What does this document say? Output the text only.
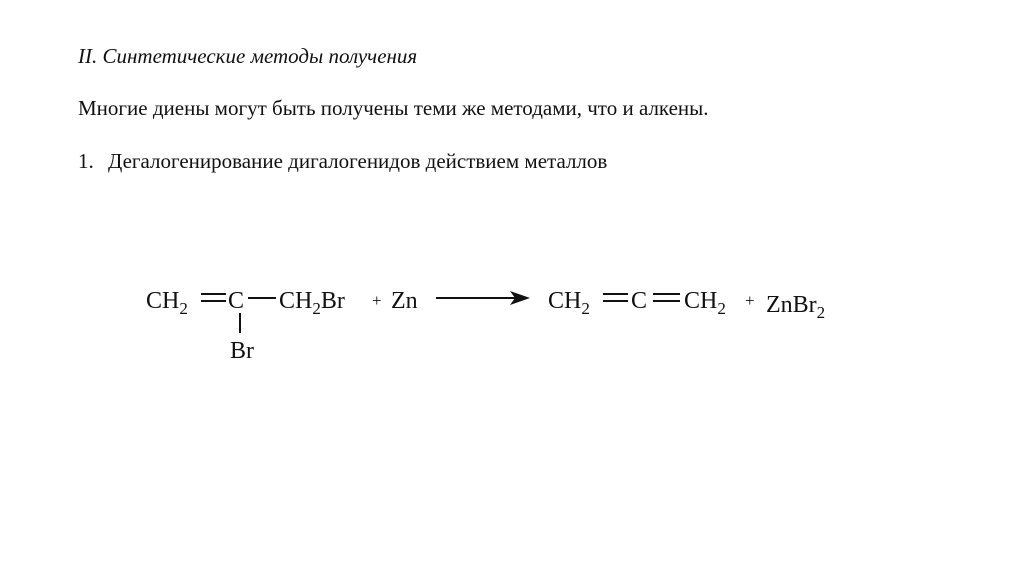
II. Синтетические методы получения
Многие диены могут быть получены теми же методами, что и алкены.
1. Дегалогенирование дигалогенидов действием металлов
$CH_2$ C $CH_2Br$
Br
+ Zn	$CH_2$ C $CH_2$ + ZnBr$_2$
